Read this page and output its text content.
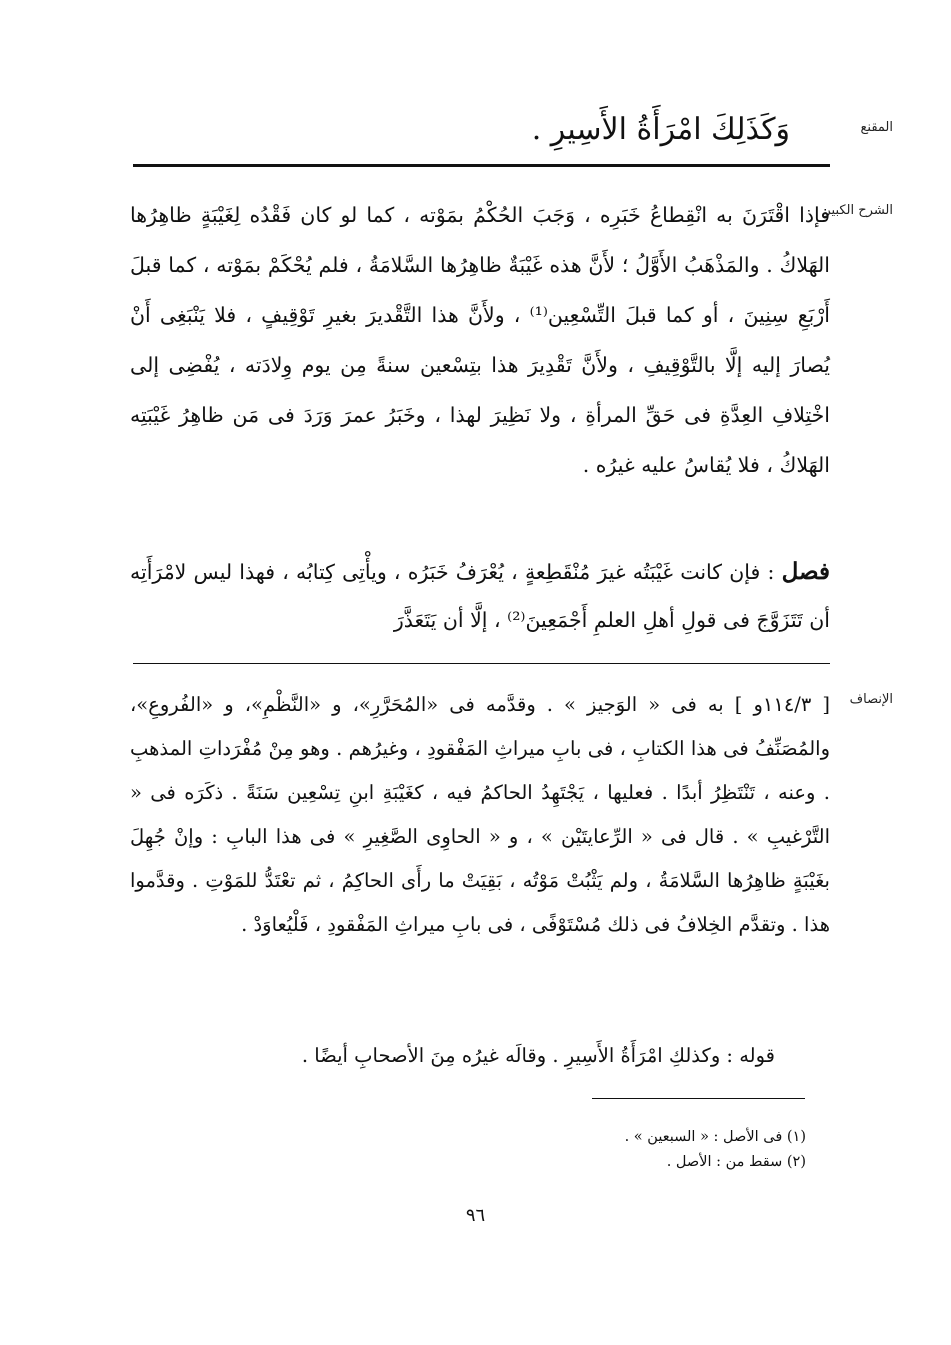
المقنع
وَكَذَلِكَ امْرَأَةُ الأَسِيرِ .
الشرح الكبير
فإذا اقْتَرَنَ به انْقِطاعُ خَبَرِه ، وَجَبَ الحُكْمُ بمَوْته ، كما لو كان فَقْدُه لِغَيْبَةٍ ظاهِرُها الهَلاكُ . والمَذْهَبُ الأَوَّلُ ؛ لأَنَّ هذه غَيْبَةٌ ظاهِرُها السَّلامَةُ ، فلم يُحْكَمْ بمَوْته ، كما قبلَ أَرْبَعِ سِنِينَ ، أو كما قبلَ التِّسْعِين⁽¹⁾ ، ولأَنَّ هذا التَّقْديرَ بغيرِ تَوْقِيفٍ ، فلا يَنْبَغِى أَنْ يُصارَ إليه إلَّا بالتَّوْقِيفِ ، ولأَنَّ تَقْدِيرَ هذا بتِسْعين سنةً مِن يوم وِلادَته ، يُفْضِى إلى اخْتِلافِ العِدَّةِ فى حَقِّ المرأةِ ، ولا نَظِيرَ لهذا ، وخَبَرُ عمرَ وَرَدَ فى مَن ظاهِرُ غَيْبَتِه الهَلاكُ ، فلا يُقاسُ عليه غيرُه .
فصل : فإن كانت غَيْبَتُه غيرَ مُنْقَطِعةٍ ، يُعْرَفُ خَبَرُه ، ويأْتِى كِتابُه ، فهذا ليس لامْرَأَتِه أن تَتَزَوَّجَ فى قولِ أهلِ العلمِ أَجْمَعِينَ⁽²⁾ ، إلَّا أن يَتَعَذَّرَ
الإنصاف
[ ١١٤/٣و ] به فى « الوَجيز » . وقدَّمه فى «المُحَرَّرِ»، و «النَّظْمِ»، و «الفُروعِ»، والمُصَنِّفُ فى هذا الكتابِ ، فى بابِ ميراثِ المَفْقودِ ، وغيرُهم . وهو مِنْ مُفْرَداتِ المذهبِ . وعنه ، تَنْتَظِرُ أبدًا . فعليها ، يَجْتَهِدُ الحاكمُ فيه ، كغَيْبَةِ ابنِ تِسْعِين سَنَةً . ذكَرَه فى « التَّرْغيبِ » . قال فى « الرِّعايتَيْن » ، و « الحاوِى الصَّغِيرِ » فى هذا البابِ : وإنْ جُهِلَ بغَيْبَةٍ ظاهِرُها السَّلامَةُ ، ولم يَثْبُتْ مَوْتُه ، بَقِيَتْ ما رأَى الحاكِمُ ، ثم تعْتَدُّ للمَوْتِ . وقدَّموا هذا . وتقدَّم الخِلافُ فى ذلك مُسْتَوْفًى ، فى بابِ ميراثِ المَفْقودِ ، فَلْيُعاوَدْ .
قوله : وكذلكِ امْرَأَةُ الأَسِيرِ . وقالَه غيرُه مِنَ الأصحابِ أيضًا .
(١) فى الأصل : « السبعين » .
(٢) سقط من : الأصل .
٩٦
